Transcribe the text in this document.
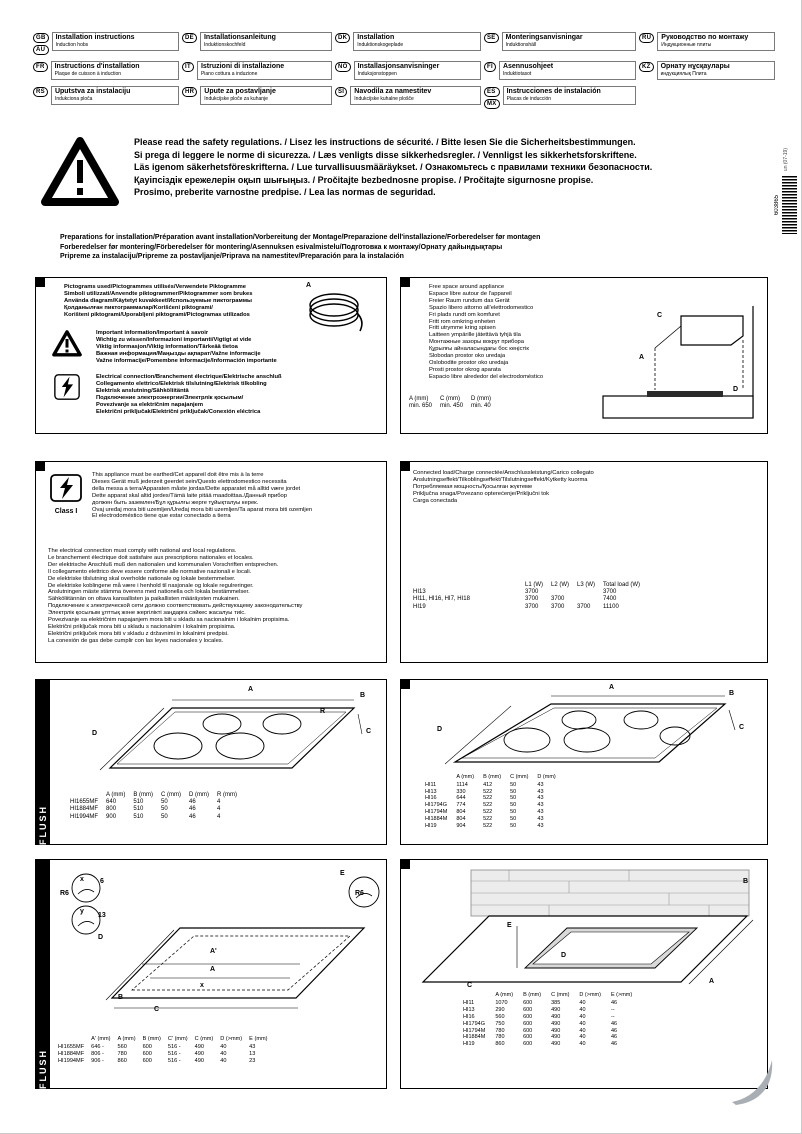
GB
AU
Installation instructions
Induction hobs
DE	Installationsanleitung
Induktionskochfeld
DK	Installation
Induktionskogeplade
SE	Monteringsanvisningar
Induktionshäll
RU	Руководство по монтажу
Индукционные плиты
FR	Instructions d'installation
Plaque de cuisson à induction
IT	Istruzioni di installazione
Piano cottura a induzione
NO	Installasjonsanvisninger
Induksjonstoppen
FI	Asennusohjeet
Induktiotasot
KZ	Орнату нұсқаулары
индукциялық Плита
RS	Uputstva za instalaciju
Indukciona ploča
HR	Upute za postavljanje
Indukcijske ploče za kuhanje
SI	Navodila za namestitev
Indukcijske kuhalne plošče
ES
MX
Instrucciones de instalación
Placas de inducción
Please read the safety regulations. / Lisez les instructions de sécurité. / Bitte lesen Sie die Sicherheitsbestimmungen.
Si prega di leggere le norme di sicurezza. / Læs venligts disse sikkerhedsregler. / Vennligst les sikkerhetsforskriftene.
Läs igenom säkerhetsföreskrifterna. / Lue turvallisuusmääräykset. / Ознакомьтесь с правилами техники безопасности.
Қауіпсіздік ережелерін оқып шығыңыз. / Pročitajte bezbednosne propise. / Pročitajte sigurnosne propise.
Prosimo, preberite varnostne predpise. / Lea las normas de seguridad.
un (07-19)
603865
Preparations for installation/Préparation avant installation/Vorbereitung der Montage/Preparazione dell'installazione/Forberedelser før montagen
Forberedelser før montering/Förberedelser för montering/Asennuksen esivalmistelu/Подготовка к монтажу/Орнату дайындықтары
Pripreme za instalaciju/Pripreme za postavljanje/Priprava na namestitev/Preparación para la instalación
Pictograms used/Pictogrammes utilisés/Verwendete Piktogramme
Simboli utilizzati/Anvendte piktogrammer/Piktogrammer som brukes
Använda diagram/Käytetyt kuvakkeet/Используемые пиктограммы
Қолданылған пиктограммалар/Korišćeni piktogrami/
Korišteni piktogrami/Uporabljeni piktogrami/Pictogramas utilizados
A
Important information/Important à savoir
Wichtig zu wissen/Informazioni importanti/Vigtigt at vide
Viktig informasjon/Viktig information/Tärkeää tietoa
Важная информация/Маңызды ақпарат/Važne informacije
Važne informacije/Pomembne informacije/Información importante
Electrical connection/Branchement électrique/Elektrische anschluß
Collegamento elettrico/Elektrisk tilslutning/Elektrisk tilkobling
Elektrisk anslutning/Sähköliitäntä
Подключение электроэнергии/Электрлік қосылым/
Povezivanje sa električnim napajanjem
Električni priključak/Električni priključak/Conexión eléctrica
Free space around appliance
Espace libre autour de l'appareil
Freier Raum rundum das Gerät
Spazio libero attorno all'elettrodomestico
Fri plads rundt om komfuret
Fritt rom omkring enheten
Fritt utrymme kring spisen
Laitteen ympärille jätettävä tyhjä tila
Монтажные зазоры вокруг прибора
Құрылғы айналасындағы бос кеңістік
Slobodan prostor oko uredaja
Oslobodite prostor oko uredaja
Prosti prostor okrog aparata
Espacio libre alrededor del electrodoméstico
A (mm)	C (mm)	D (mm)
min. 650	min. 450	min. 40
C
A
D
Class I
This appliance must be earthed/Cet appareil doit être mis à la terre
Dieses Gerät muß jederzeit geerdet sein/Questo elettrodomestico necessita
della messa a terra/Apparaten måste jordas/Dette apparatet må alltid være jordet
Dette apparat skal altid jordes/Tämä laite pitää maadoittaa./Данный прибор
должен быть заземлен/Бұл құрылғы жерге тұйықталуы керек.
Ovaj uređaj mora biti uzemljen/Uređaj mora biti uzemljen/Ta aparat mora biti ozemljen
El electrodoméstico tiene que estar conectado a tierra
The electrical connection must comply with national and local regulations.
Le branchement électrique doit satisfaire aux prescriptions nationales et locales.
Der elektrische Anschluß muß den nationalen und kommunalen Vorschriften entsprechen.
Il collegamento elettrico deve essere conforme alle normative nazionali e locali.
De elektriske tilslutning skal overholde nationale og lokale bestemmelser.
De elektriske koblingene må være i henhold til nasjonale og lokale regulreringer.
Anslutningen mäste stämma överens med nationella och lokala bestämmelser.
Sähköliitännän on oltava kansallisten ja paikallisten määräysten mukainen.
Подключение к электрической сети должно соответствовать действующему законодательству
Электрлік қосылым ұлттық және жергілікті заңдарға сәйкес жасалуы тиіс.
Povezivanje sa električnim napajanjem mora biti u skladu sa nacionalnim i lokalnim propisima.
Električni priključak mora biti u skladu s nacionalnim i lokalnim propisima.
Električni priključek mora biti v skladu z državnimi in lokalnimi predpisi.
La conexión de gas debe cumplir con las leyes nacionales y locales.
Connected load/Charge connectée/Anschlussleistung/Carico collegato
Anslutningseffekt/Tilkoblingseffekt/Tilslutningseffekt/Kytketty kuorma
Потребляемая мощность/Қосылған жүктеме
Priključna snaga/Povezano opterećenje/Priključni tok
Carga conectada
	L1 (W)	L2 (W)	L3 (W)	Total load (W)
HI13	3700			3700
HI11, HI16, HI7, HI18	3700	3700		7400
HI19	3700	3700	3700	11100
FLUSH
A
B
R
C
D
	A (mm)	B (mm)	C (mm)	D (mm)	R (mm)
HI1655MF	640	510	50	46	4
HI1884MF	800	510	50	46	4
HI1994MF	900	510	50	46	4
A
B
C
D
	A (mm)	B (mm)	C (mm)	D (mm)
HI11	1114	412	50	43
HI13	330	522	50	43
HI16	644	522	50	43
HI1794G	774	522	50	43
HI1794M	804	522	50	43
HI1884M	804	522	50	43
HI19	904	522	50	43
FLUSH
x 6
R6
y
13
E
R6
D
A'
A
x
B
C
	A' (mm)	A (mm)	B (mm)	C' (mm)	C (mm)	D (>mm)	E (mm)
HI1655MF	646 -	560	600	516 -	490	40	43
HI1884MF	806 -	780	600	516 -	490	40	13
HI1994MF	906 -	860	600	516 -	490	40	23
B
E
D
A
C
	A (mm)	B (mm)	C (mm)	D (>mm)	E (>mm)
HI11	1070	600	385	40	46
HI13	290	600	490	40	--
HI16	560	600	490	40	--
HI1794G	750	600	490	40	46
HI1794M	780	600	490	40	46
HI1884M	780	600	490	40	46
HI19	860	600	490	40	46
